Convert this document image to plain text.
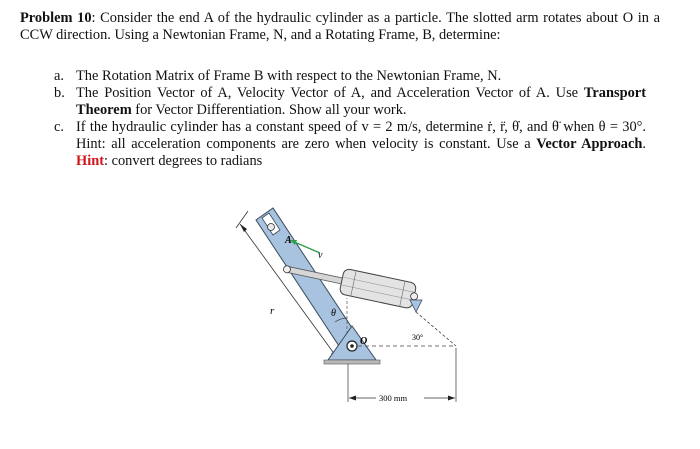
Problem 10: Consider the end A of the hydraulic cylinder as a particle. The slotted arm rotates about O in a CCW direction. Using a Newtonian Frame, N, and a Rotating Frame, B, determine:
a. The Rotation Matrix of Frame B with respect to the Newtonian Frame, N.
b. The Position Vector of A, Velocity Vector of A, and Acceleration Vector of A. Use Transport Theorem for Vector Differentiation. Show all your work.
c. If the hydraulic cylinder has a constant speed of v = 2 m/s, determine ṙ, r̈, θ̇, and θ̈ when θ = 30°. Hint: all acceleration components are zero when velocity is constant. Use a Vector Approach. Hint: convert degrees to radians
r
A
v
θ
O	30°
300 mm
